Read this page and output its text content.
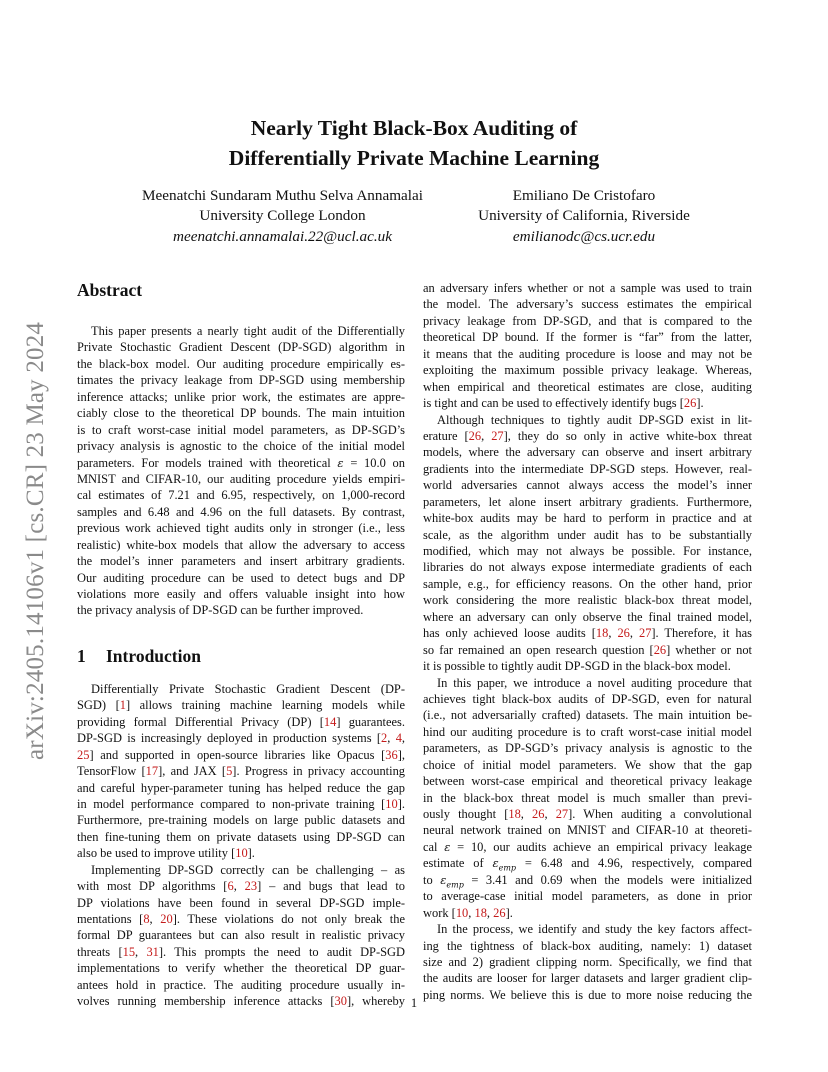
arXiv:2405.14106v1 [cs.CR] 23 May 2024
Nearly Tight Black-Box Auditing of
Differentially Private Machine Learning
Meenatchi Sundaram Muthu Selva Annamalai
University College London
meenatchi.annamalai.22@ucl.ac.uk
Emiliano De Cristofaro
University of California, Riverside
emilianodc@cs.ucr.edu
Abstract
This paper presents a nearly tight audit of the Differentially
Private Stochastic Gradient Descent (DP-SGD) algorithm in
the black-box model. Our auditing procedure empirically es-
timates the privacy leakage from DP-SGD using membership
inference attacks; unlike prior work, the estimates are appre-
ciably close to the theoretical DP bounds. The main intuition
is to craft worst-case initial model parameters, as DP-SGD’s
privacy analysis is agnostic to the choice of the initial model
parameters. For models trained with theoretical ε = 10.0 on
MNIST and CIFAR-10, our auditing procedure yields empiri-
cal estimates of 7.21 and 6.95, respectively, on 1,000-record
samples and 6.48 and 4.96 on the full datasets. By contrast,
previous work achieved tight audits only in stronger (i.e., less
realistic) white-box models that allow the adversary to access
the model’s inner parameters and insert arbitrary gradients.
Our auditing procedure can be used to detect bugs and DP
violations more easily and offers valuable insight into how
the privacy analysis of DP-SGD can be further improved.
1 Introduction
Differentially Private Stochastic Gradient Descent (DP-
SGD) [1] allows training machine learning models while
providing formal Differential Privacy (DP) [14] guarantees.
DP-SGD is increasingly deployed in production systems [2, 4,
25] and supported in open-source libraries like Opacus [36],
TensorFlow [17], and JAX [5]. Progress in privacy accounting
and careful hyper-parameter tuning has helped reduce the gap
in model performance compared to non-private training [10].
Furthermore, pre-training models on large public datasets and
then fine-tuning them on private datasets using DP-SGD can
also be used to improve utility [10].
Implementing DP-SGD correctly can be challenging – as
with most DP algorithms [6, 23] – and bugs that lead to
DP violations have been found in several DP-SGD imple-
mentations [8, 20]. These violations do not only break the
formal DP guarantees but can also result in realistic privacy
threats [15, 31]. This prompts the need to audit DP-SGD
implementations to verify whether the theoretical DP guar-
antees hold in practice. The auditing procedure usually in-
volves running membership inference attacks [30], whereby
an adversary infers whether or not a sample was used to train
the model. The adversary’s success estimates the empirical
privacy leakage from DP-SGD, and that is compared to the
theoretical DP bound. If the former is “far” from the latter,
it means that the auditing procedure is loose and may not be
exploiting the maximum possible privacy leakage. Whereas,
when empirical and theoretical estimates are close, auditing
is tight and can be used to effectively identify bugs [26].
Although techniques to tightly audit DP-SGD exist in lit-
erature [26, 27], they do so only in active white-box threat
models, where the adversary can observe and insert arbitrary
gradients into the intermediate DP-SGD steps. However, real-
world adversaries cannot always access the model’s inner
parameters, let alone insert arbitrary gradients. Furthermore,
white-box audits may be hard to perform in practice and at
scale, as the algorithm under audit has to be substantially
modified, which may not always be possible. For instance,
libraries do not always expose intermediate gradients of each
sample, e.g., for efficiency reasons. On the other hand, prior
work considering the more realistic black-box threat model,
where an adversary can only observe the final trained model,
has only achieved loose audits [18, 26, 27]. Therefore, it has
so far remained an open research question [26] whether or not
it is possible to tightly audit DP-SGD in the black-box model.
In this paper, we introduce a novel auditing procedure that
achieves tight black-box audits of DP-SGD, even for natural
(i.e., not adversarially crafted) datasets. The main intuition be-
hind our auditing procedure is to craft worst-case initial model
parameters, as DP-SGD’s privacy analysis is agnostic to the
choice of initial model parameters. We show that the gap
between worst-case empirical and theoretical privacy leakage
in the black-box threat model is much smaller than previ-
ously thought [18, 26, 27]. When auditing a convolutional
neural network trained on MNIST and CIFAR-10 at theoreti-
cal ε = 10, our audits achieve an empirical privacy leakage
estimate of $\varepsilon_{emp} = 6.48$ and 4.96, respectively, compared
to $\varepsilon_{emp} = 3.41$ and 0.69 when the models were initialized
to average-case initial model parameters, as done in prior
work [10, 18, 26].
In the process, we identify and study the key factors affect-
ing the tightness of black-box auditing, namely: 1) dataset
size and 2) gradient clipping norm. Specifically, we find that
the audits are looser for larger datasets and larger gradient clip-
ping norms. We believe this is due to more noise reducing the
1
